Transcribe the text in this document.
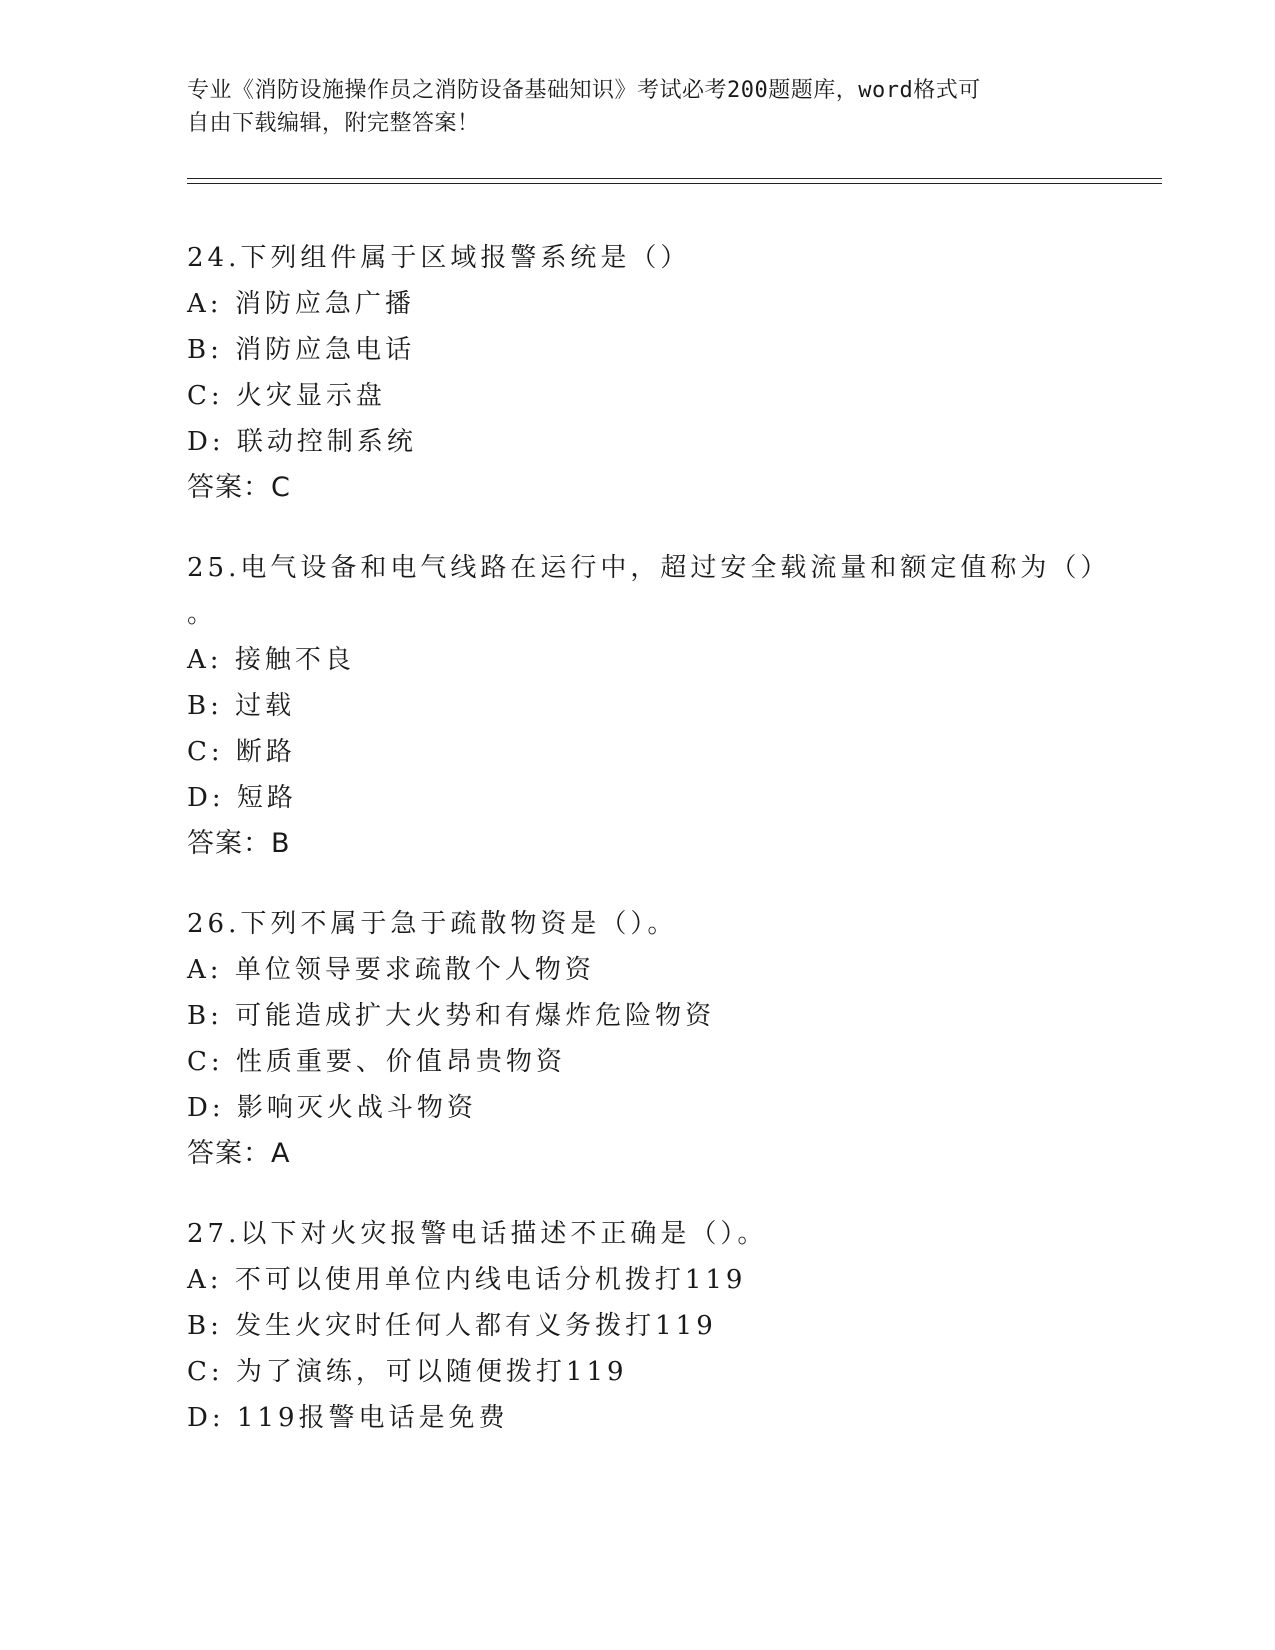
专业《消防设施操作员之消防设备基础知识》考试必考200题题库，word格式可
自由下载编辑，附完整答案！
24.下列组件属于区域报警系统是（）
A: 消防应急广播
B: 消防应急电话
C: 火灾显示盘
D: 联动控制系统
答案：C
25.电气设备和电气线路在运行中，超过安全载流量和额定值称为（）
。
A: 接触不良
B: 过载
C: 断路
D: 短路
答案：B
26.下列不属于急于疏散物资是（）。
A: 单位领导要求疏散个人物资
B: 可能造成扩大火势和有爆炸危险物资
C: 性质重要、价值昂贵物资
D: 影响灭火战斗物资
答案：A
27.以下对火灾报警电话描述不正确是（）。
A: 不可以使用单位内线电话分机拨打119
B: 发生火灾时任何人都有义务拨打119
C: 为了演练，可以随便拨打119
D: 119报警电话是免费
